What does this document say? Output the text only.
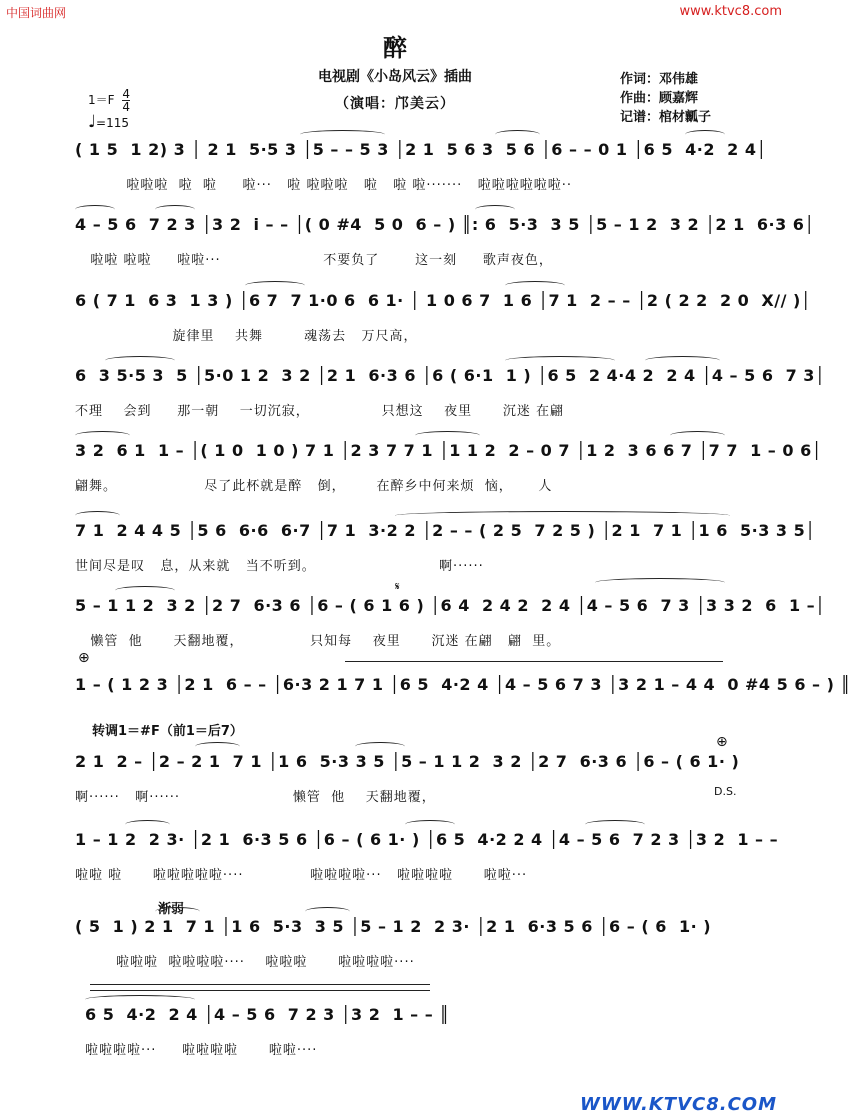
中国词曲网	www.ktvc8.com
醉
电视剧《小岛风云》插曲
（演唱：邝美云）
作词：邓伟雄
作曲：顾嘉辉
记谱：棺材瓤子
$1=F \frac{4}{4}$
♩=115
( 1 5  1 2) 3 │ 2 1  5·5 3 │5 – – 5 3 │2 1  5 6 3  5 6 │6 – – 0 1 │6 5  4·2  2 4│
啦啦啦  啦  啦     啦···   啦 啦啦啦   啦   啦 啦·······   啦啦啦啦啦啦··
4 – 5 6  7 2 3 │3 2  i – – │( 0 #4  5 0  6 – ) ║: 6  5·3  3 5 │5 – 1 2  3 2 │2 1  6·3 6│
啦啦 啦啦     啦啦···                    不要负了       这一刻     歌声夜色，
6 ( 7 1  6 3  1 3 ) │6 7  7 1·0 6  6 1· │ 1 0 6 7  1 6 │7 1  2 – – │2 ( 2 2  2 0  X// )│
旋律里    共舞        魂荡去   万尺高，
6  3 5·5 3  5 │5·0 1 2  3 2 │2 1  6·3 6 │6 ( 6·1  1 ) │6 5  2 4·4 2  2 4 │4 – 5 6  7 3│
不理    会到     那一朝    一切沉寂，              只想这    夜里      沉迷 在翩
3 2  6 1  1 – │( 1 0  1 0 ) 7 1 │2 3 7 7 1 │1 1 2  2 – 0 7 │1 2  3 6 6 7 │7 7  1 – 0 6│
翩舞。                 尽了此杯就是醉   倒，      在醉乡中何来烦  恼，     人
7 1  2 4 4 5 │5 6  6·6  6·7 │7 1  3·2 2 │2 – – ( 2 5  7 2 5 ) │2 1  7 1 │1 6  5·3 3 5│
世间尽是叹   息，从来就   当不听到。                        啊······
𝄋
5 – 1 1 2  3 2 │2 7  6·3 6 │6 – ( 6 1 6 ) │6 4  2 4 2  2 4 │4 – 5 6  7 3 │3 3 2  6  1 –│
懒管  他      天翻地覆，             只知每    夜里      沉迷 在翩   翩  里。
⊕
1 – ( 1 2 3 │2 1  6 – – │6·3 2 1 7 1 │6 5  4·2 4 │4 – 5 6 7 3 │3 2 1 – 4 4  0 #4 5 6 – ) ║
转调1＝#F（前1＝后7）
2 1  2 – │2 – 2 1  7 1 │1 6  5·3 3 5 │5 – 1 1 2  3 2 │2 7  6·3 6 │6 – ( 6 1· )
啊······   啊······                      懒管  他    天翻地覆，
⊕
D.S.
1 – 1 2  2 3· │2 1  6·3 5 6 │6 – ( 6 1· ) │6 5  4·2 2 4 │4 – 5 6  7 2 3 │3 2  1 – –
啦啦 啦      啦啦啦啦啦····             啦啦啦啦···   啦啦啦啦      啦啦···
渐弱
( 5  1 ) 2 1  7 1 │1 6  5·3  3 5 │5 – 1 2  2 3· │2 1  6·3 5 6 │6 – ( 6  1· )
啦啦啦  啦啦啦啦····    啦啦啦      啦啦啦啦····
6 5  4·2  2 4 │4 – 5 6  7 2 3 │3 2  1 – – ║
啦啦啦啦···     啦啦啦啦      啦啦····
WWW.KTVC8.COM
